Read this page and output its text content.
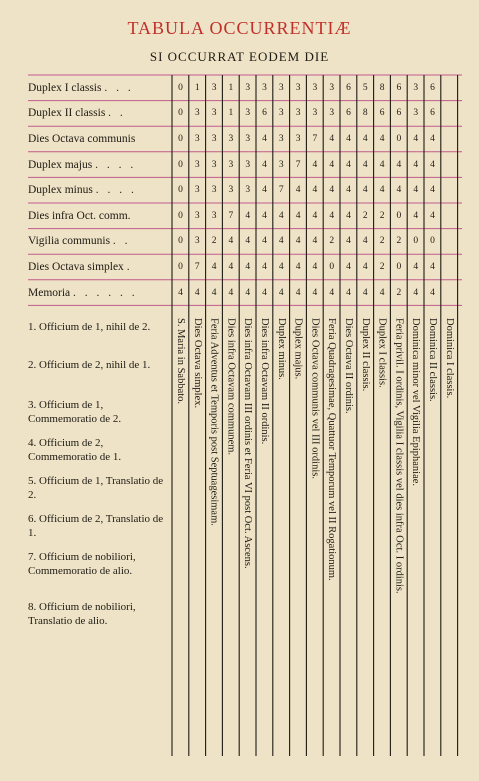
TABULA OCCURRENTIÆ
SI OCCURRAT EODEM DIE
Duplex I classis . . .	0	1	3	1	3	3	3	3	3	3	6	5	8	6	3	6
Duplex II classis . .	0	3	3	1	3	6	3	3	3	3	6	8	6	6	3	6
Dies Octava communis	0	3	3	3	3	4	3	3	7	4	4	4	4	0	4	4
Duplex majus . . . .	0	3	3	3	3	4	3	7	4	4	4	4	4	4	4	4
Duplex minus . . . .	0	3	3	3	3	4	7	4	4	4	4	4	4	4	4	4
Dies infra Oct. comm.	0	3	3	7	4	4	4	4	4	4	4	2	2	0	4	4
Vigilia communis . .	0	3	2	4	4	4	4	4	4	2	4	4	2	2	0	0
Dies Octava simplex .	0	7	4	4	4	4	4	4	4	0	4	4	2	0	4	4
Memoria . . . . . .	4	4	4	4	4	4	4	4	4	4	4	4	4	2	4	4
1. Officium de 1, nihil de 2.
2. Officium de 2, nihil de 1.
3. Officium de 1, Commemoratio de 2.
4. Officium de 2, Commemoratio de 1.
5. Officium de 1, Translatio de 2.
6. Officium de 2, Translatio de 1.
7. Officium de nobiliori, Commemoratio de alio.
8. Officium de nobiliori, Translatio de alio.
S. Maria in Sabbato. Dies Octava simplex. Feria Adventus et Temporis post Septuagesimam. Dies infra Octavam communem. Dies infra Octavam III ordinis et Feria VI post Oct. Ascens. Dies infra Octavam II ordinis. Duplex minus. Duplex majus. Dies Octava communis vel III ordinis. Feria Quadragesimae, Quattuor Temporum vel II Rogationum. Dies Octava II ordinis. Duplex II classis. Duplex I classis. Feria privil. I ordinis, Vigilia I classis vel dies infra Oct. I ordinis. Dominica minor vel Vigilia Epiphaniae. Dominica II classis. Dominica I classis.
